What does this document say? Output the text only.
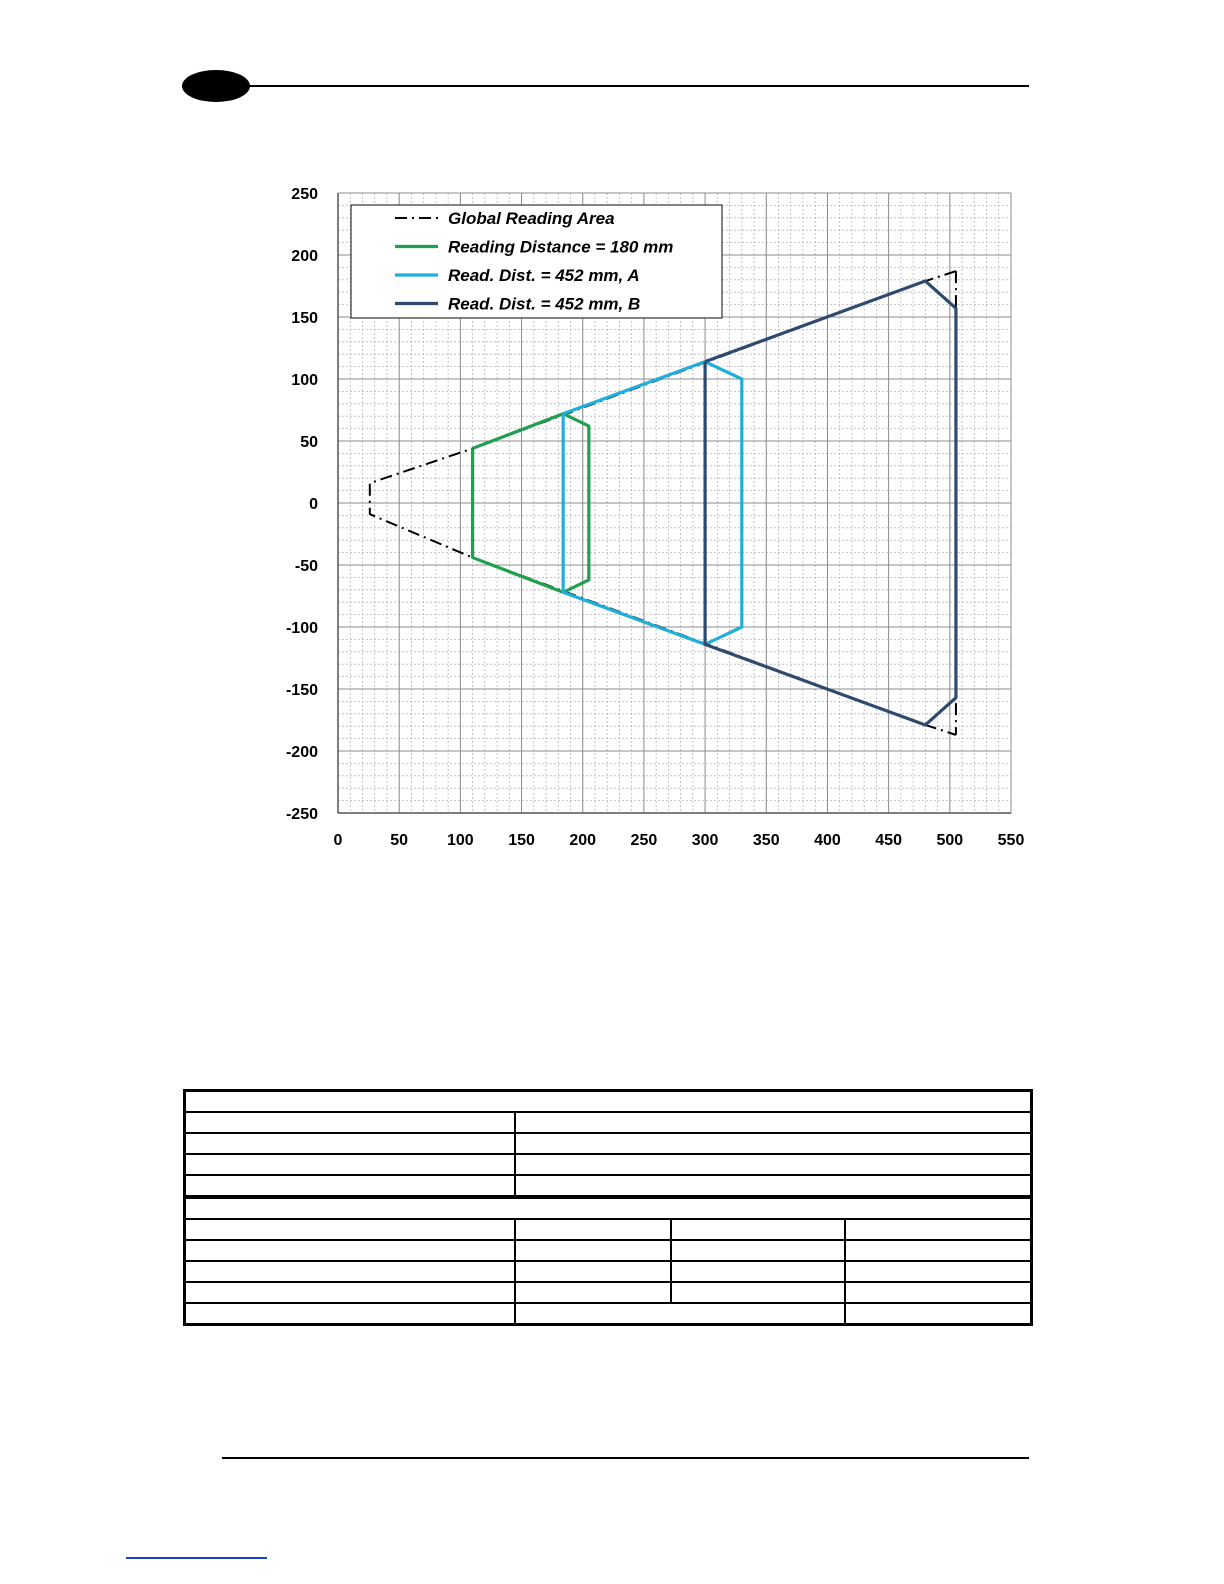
250
200
150
100
50
0
-50
-100
-150
-200
-250
0	50 100 150 200 250 300 350 400 450 500 550
Global Reading Area
Reading Distance = 180 mm
Read. Dist. = 452 mm, A
Read. Dist. = 452 mm, B
